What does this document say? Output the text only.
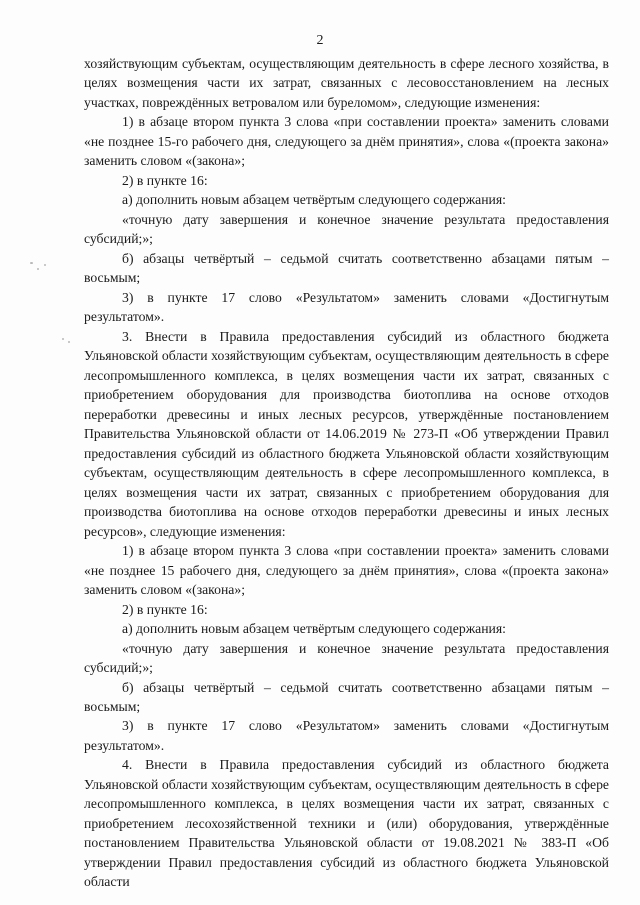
2

хозяйствующим субъектам, осуществляющим деятельность в сфере лесного хозяйства, в целях возмещения части их затрат, связанных с лесовосстановлением на лесных участках, повреждённых ветровалом или буреломом», следующие изменения:

1) в абзаце втором пункта 3 слова «при составлении проекта» заменить словами «не позднее 15-го рабочего дня, следующего за днём принятия», слова «(проекта закона» заменить словом «(закона»;

2) в пункте 16:

а) дополнить новым абзацем четвёртым следующего содержания:

«точную дату завершения и конечное значение результата предоставления субсидий;»;

б) абзацы четвёртый – седьмой считать соответственно абзацами пятым – восьмым;

3) в пункте 17 слово «Результатом» заменить словами «Достигнутым результатом».

3. Внести в Правила предоставления субсидий из областного бюджета Ульяновской области хозяйствующим субъектам, осуществляющим деятельность в сфере лесопромышленного комплекса, в целях возмещения части их затрат, связанных с приобретением оборудования для производства биотоплива на основе отходов переработки древесины и иных лесных ресурсов, утверждённые постановлением Правительства Ульяновской области от 14.06.2019 № 273-П «Об утверждении Правил предоставления субсидий из областного бюджета Ульяновской области хозяйствующим субъектам, осуществляющим деятельность в сфере лесопромышленного комплекса, в целях возмещения части их затрат, связанных с приобретением оборудования для производства биотоплива на основе отходов переработки древесины и иных лесных ресурсов», следующие изменения:

1) в абзаце втором пункта 3 слова «при составлении проекта» заменить словами «не позднее 15 рабочего дня, следующего за днём принятия», слова «(проекта закона» заменить словом «(закона»;

2) в пункте 16:

а) дополнить новым абзацем четвёртым следующего содержания:

«точную дату завершения и конечное значение результата предоставления субсидий;»;

б) абзацы четвёртый – седьмой считать соответственно абзацами пятым – восьмым;

3) в пункте 17 слово «Результатом» заменить словами «Достигнутым результатом».

4. Внести в Правила предоставления субсидий из областного бюджета Ульяновской области хозяйствующим субъектам, осуществляющим деятельность в сфере лесопромышленного комплекса, в целях возмещения части их затрат, связанных с приобретением лесохозяйственной техники и (или) оборудования, утверждённые постановлением Правительства Ульяновской области от 19.08.2021 № 383-П «Об утверждении Правил предоставления субсидий из областного бюджета Ульяновской области
